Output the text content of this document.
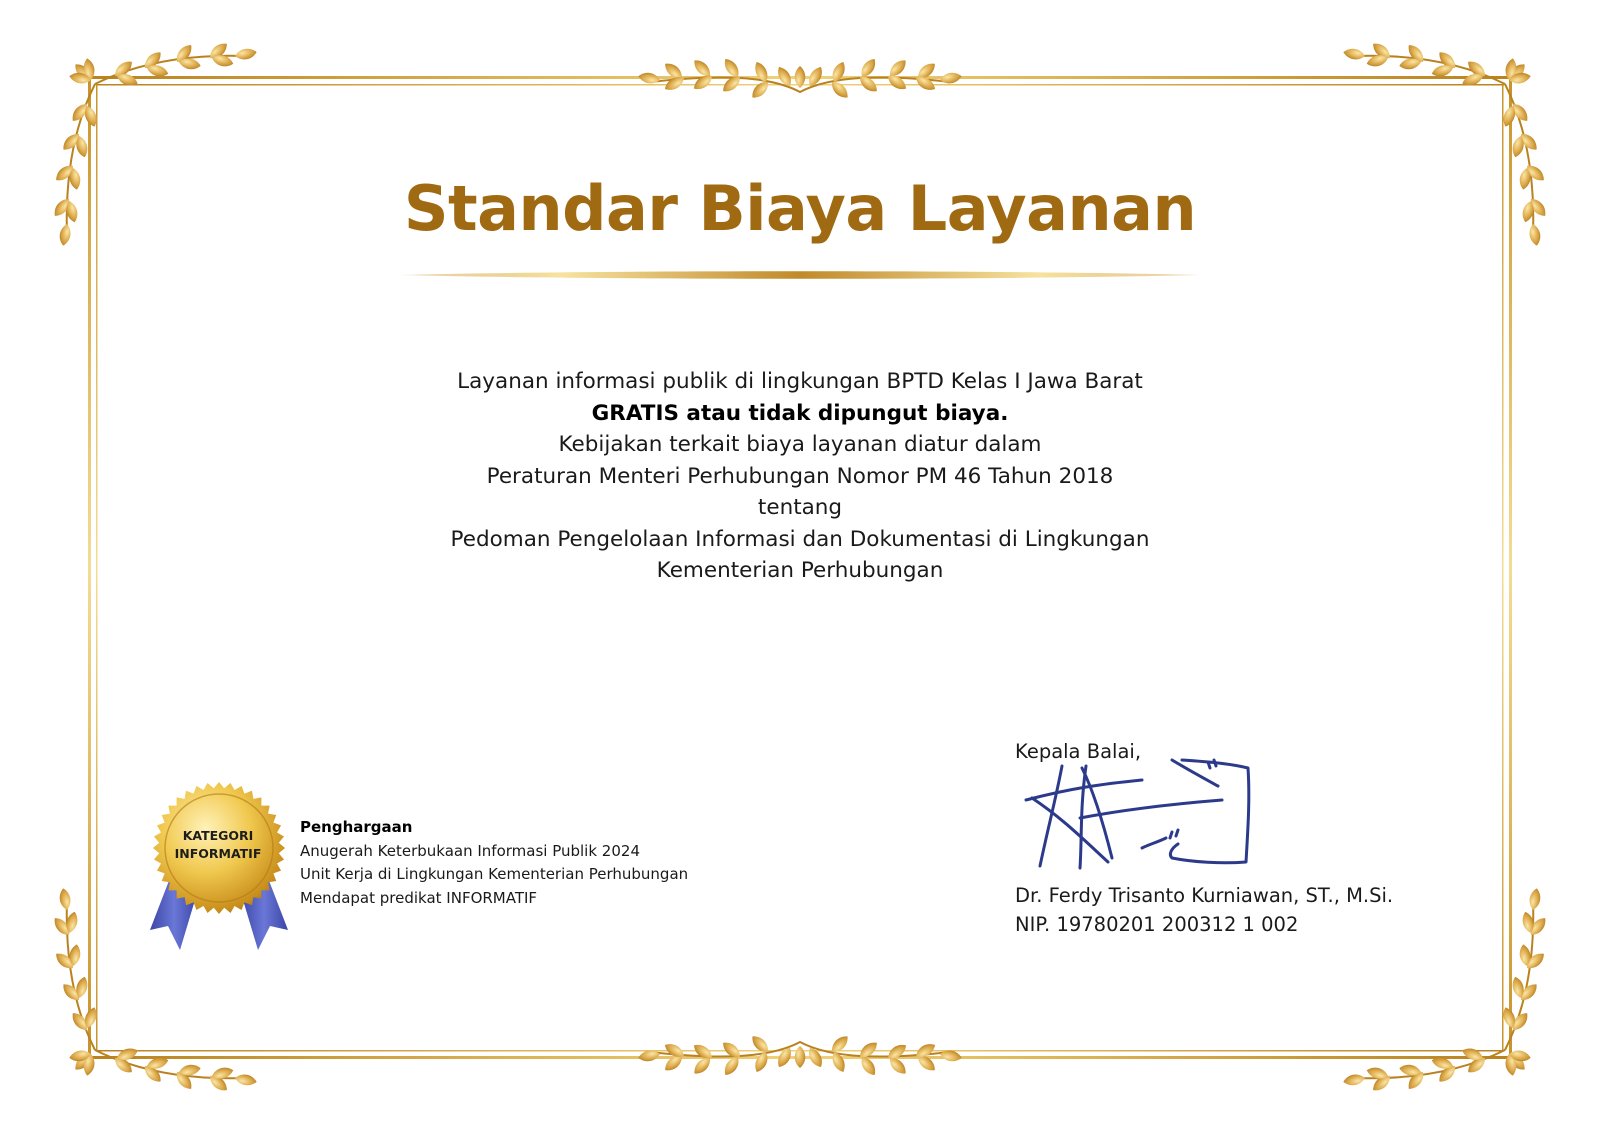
Standar Biaya Layanan
Layanan informasi publik di lingkungan BPTD Kelas I Jawa Barat
GRATIS atau tidak dipungut biaya.
Kebijakan terkait biaya layanan diatur dalam
Peraturan Menteri Perhubungan Nomor PM 46 Tahun 2018
tentang
Pedoman Pengelolaan Informasi dan Dokumentasi di Lingkungan
Kementerian Perhubungan
KATEGORI
INFORMATIF
Penghargaan
Anugerah Keterbukaan Informasi Publik 2024
Unit Kerja di Lingkungan Kementerian Perhubungan
Mendapat predikat INFORMATIF
Kepala Balai,
Dr. Ferdy Trisanto Kurniawan, ST., M.Si.
NIP. 19780201 200312 1 002
